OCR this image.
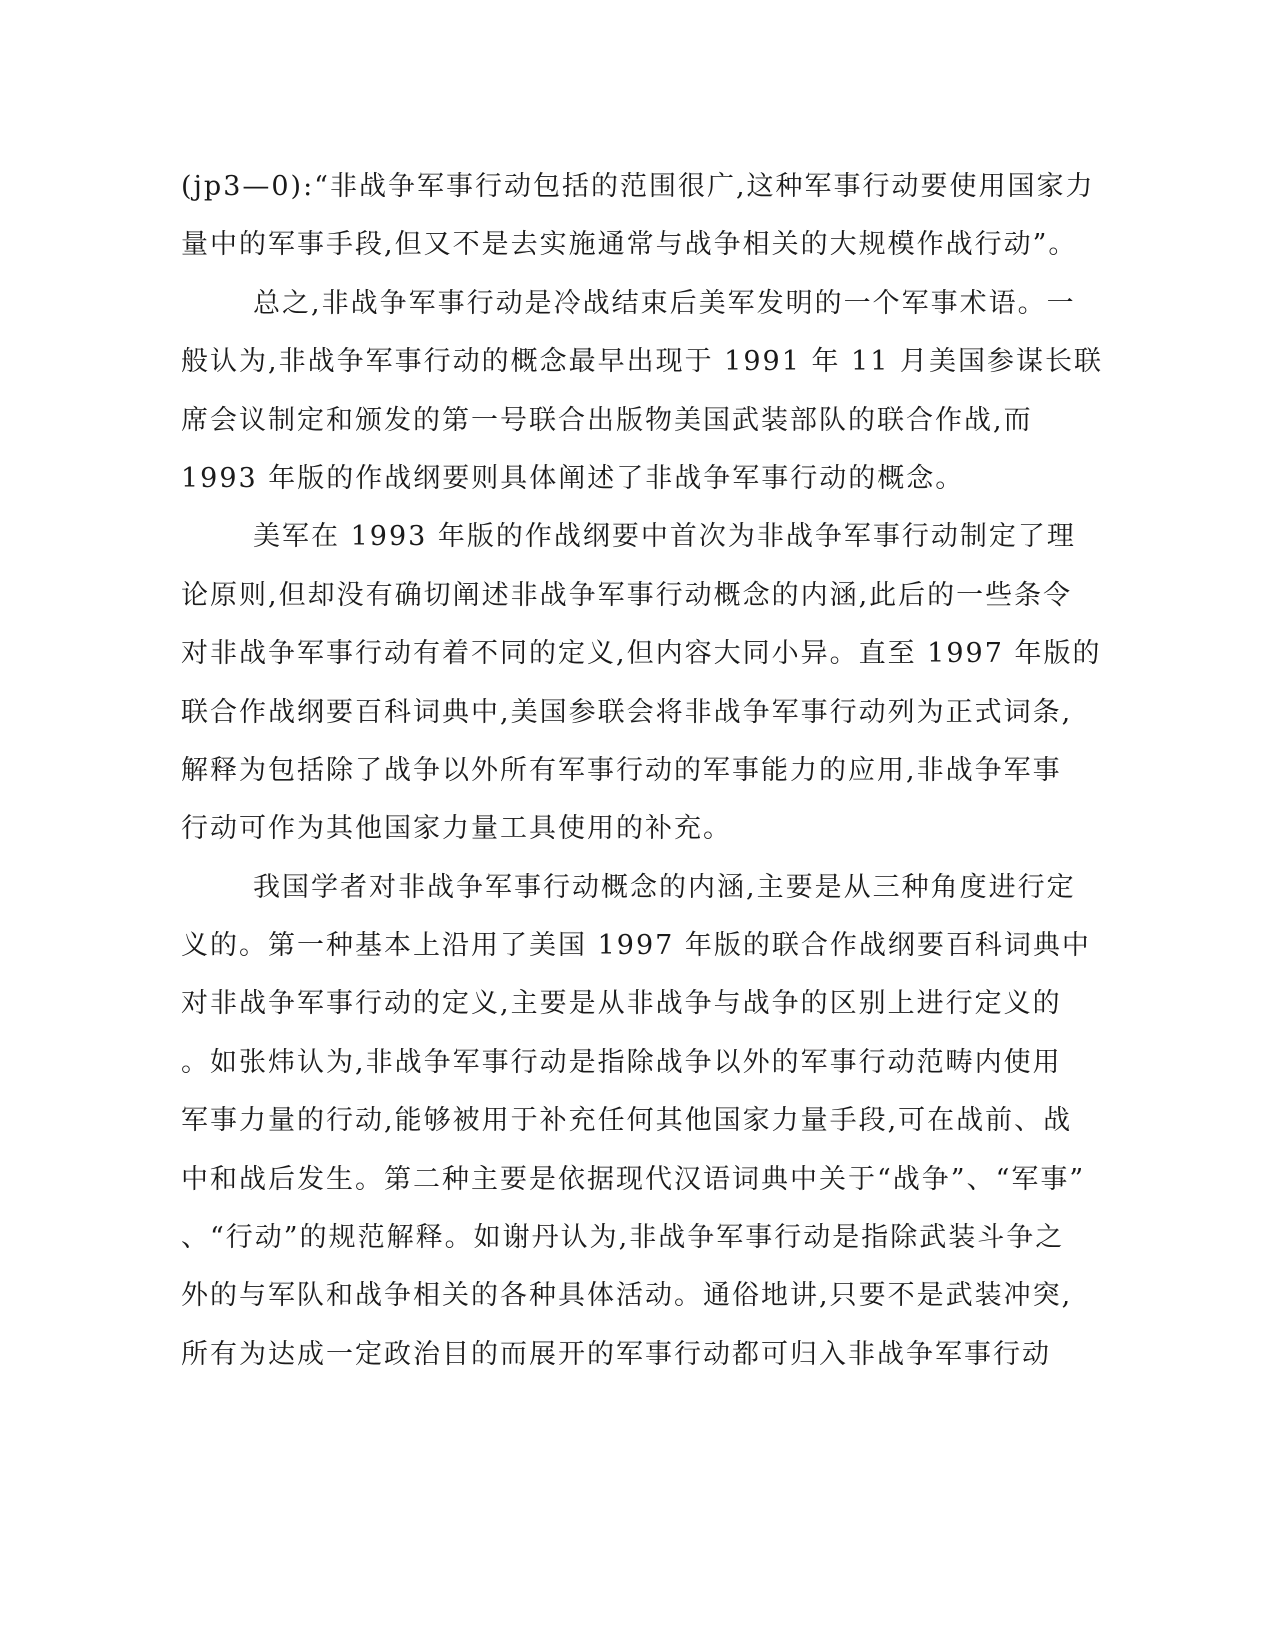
(jp3—0):“非战争军事行动包括的范围很广,这种军事行动要使用国家力
量中的军事手段,但又不是去实施通常与战争相关的大规模作战行动”。
总之,非战争军事行动是冷战结束后美军发明的一个军事术语。一
般认为,非战争军事行动的概念最早出现于 1991 年 11 月美国参谋长联
席会议制定和颁发的第一号联合出版物美国武装部队的联合作战,而
1993 年版的作战纲要则具体阐述了非战争军事行动的概念。
美军在 1993 年版的作战纲要中首次为非战争军事行动制定了理
论原则,但却没有确切阐述非战争军事行动概念的内涵,此后的一些条令
对非战争军事行动有着不同的定义,但内容大同小异。直至 1997 年版的
联合作战纲要百科词典中,美国参联会将非战争军事行动列为正式词条,
解释为包括除了战争以外所有军事行动的军事能力的应用,非战争军事
行动可作为其他国家力量工具使用的补充。
我国学者对非战争军事行动概念的内涵,主要是从三种角度进行定
义的。第一种基本上沿用了美国 1997 年版的联合作战纲要百科词典中
对非战争军事行动的定义,主要是从非战争与战争的区别上进行定义的
。如张炜认为,非战争军事行动是指除战争以外的军事行动范畴内使用
军事力量的行动,能够被用于补充任何其他国家力量手段,可在战前、战
中和战后发生。第二种主要是依据现代汉语词典中关于“战争”、“军事”
、“行动”的规范解释。如谢丹认为,非战争军事行动是指除武装斗争之
外的与军队和战争相关的各种具体活动。通俗地讲,只要不是武装冲突,
所有为达成一定政治目的而展开的军事行动都可归入非战争军事行动
